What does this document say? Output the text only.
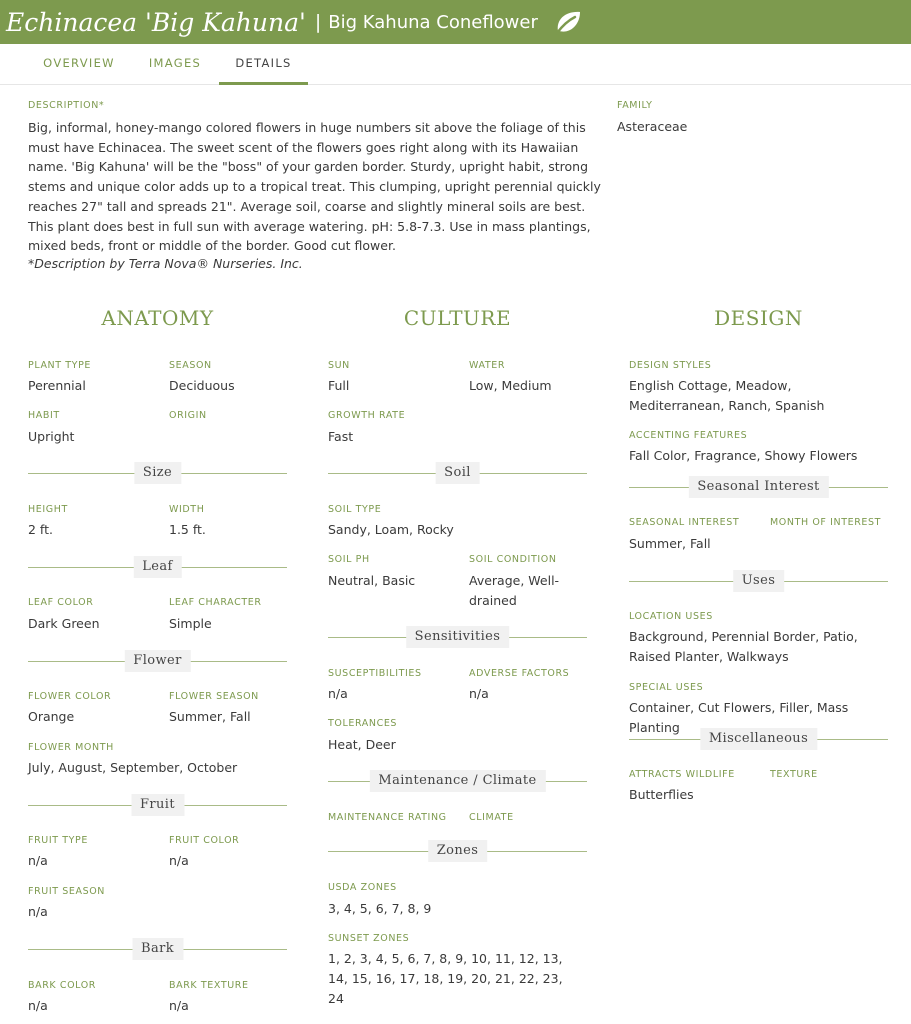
Echinacea 'Big Kahuna' | Big Kahuna Coneflower
OVERVIEW	IMAGES	DETAILS
DESCRIPTION*
Big, informal, honey-mango colored flowers in huge numbers sit above the foliage of this must have Echinacea. The sweet scent of the flowers goes right along with its Hawaiian name. 'Big Kahuna' will be the "boss" of your garden border. Sturdy, upright habit, strong stems and unique color adds up to a tropical treat. This clumping, upright perennial quickly reaches 27" tall and spreads 21". Average soil, coarse and slightly mineral soils are best. This plant does best in full sun with average watering. pH: 5.8-7.3. Use in mass plantings, mixed beds, front or middle of the border. Good cut flower.
*Description by Terra Nova® Nurseries. Inc.
FAMILY
Asteraceae
ANATOMY	CULTURE	DESIGN
PLANT TYPE
Perennial
SEASON
Deciduous
HABIT
Upright
ORIGIN
Size
HEIGHT
2 ft.
WIDTH
1.5 ft.
Leaf
LEAF COLOR
Dark Green
LEAF CHARACTER
Simple
Flower
FLOWER COLOR
Orange
FLOWER SEASON
Summer, Fall
FLOWER MONTH
July, August, September, October
Fruit
FRUIT TYPE
n/a
FRUIT COLOR
n/a
FRUIT SEASON
n/a
Bark
BARK COLOR
n/a
BARK TEXTURE
n/a
SUN
Full
WATER
Low, Medium
GROWTH RATE
Fast
Soil
SOIL TYPE
Sandy, Loam, Rocky
SOIL PH
Neutral, Basic
SOIL CONDITION
Average, Well-drained
Sensitivities
SUSCEPTIBILITIES
n/a
ADVERSE FACTORS
n/a
TOLERANCES
Heat, Deer
Maintenance / Climate
MAINTENANCE RATING CLIMATE
Zones
USDA ZONES
3, 4, 5, 6, 7, 8, 9
SUNSET ZONES
1, 2, 3, 4, 5, 6, 7, 8, 9, 10, 11, 12, 13, 14, 15, 16, 17, 18, 19, 20, 21, 22, 23, 24
DESIGN STYLES
English Cottage, Meadow, Mediterranean, Ranch, Spanish
ACCENTING FEATURES
Fall Color, Fragrance, Showy Flowers
Seasonal Interest
SEASONAL INTEREST
Summer, Fall
MONTH OF INTEREST
Uses
LOCATION USES
Background, Perennial Border, Patio, Raised Planter, Walkways
SPECIAL USES
Container, Cut Flowers, Filler, Mass Planting
Miscellaneous
ATTRACTS WILDLIFE
Butterflies
TEXTURE
